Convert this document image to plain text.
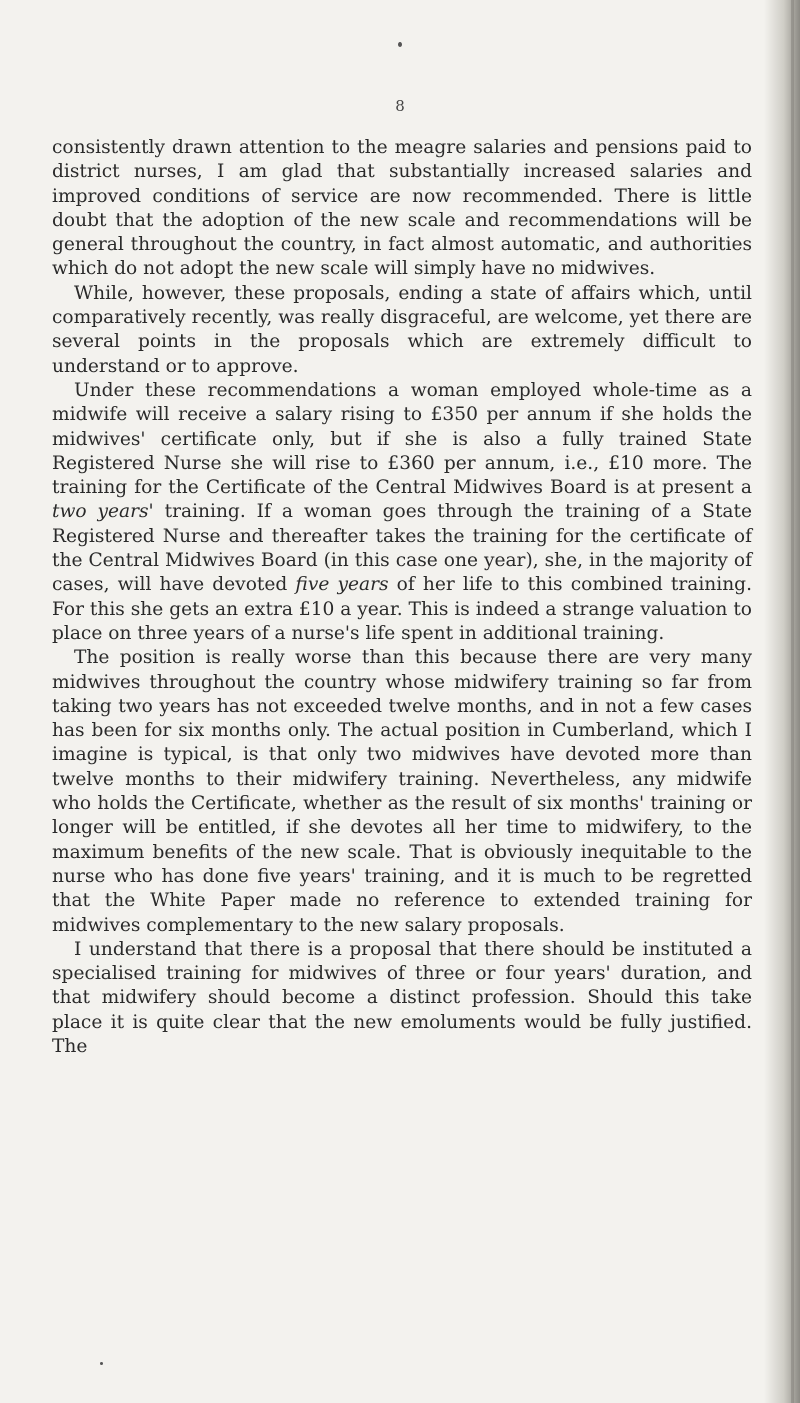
8

consistently drawn attention to the meagre salaries and pensions paid to district nurses, I am glad that substantially increased salaries and improved conditions of service are now recommended. There is little doubt that the adoption of the new scale and recommendations will be general throughout the country, in fact almost automatic, and authorities which do not adopt the new scale will simply have no midwives.

While, however, these proposals, ending a state of affairs which, until comparatively recently, was really disgraceful, are welcome, yet there are several points in the proposals which are extremely difficult to understand or to approve.

Under these recommendations a woman employed whole-time as a midwife will receive a salary rising to £350 per annum if she holds the midwives' certificate only, but if she is also a fully trained State Registered Nurse she will rise to £360 per annum, i.e., £10 more. The training for the Certificate of the Central Midwives Board is at present a two years' training. If a woman goes through the training of a State Registered Nurse and thereafter takes the training for the certificate of the Central Midwives Board (in this case one year), she, in the majority of cases, will have devoted five years of her life to this combined training. For this she gets an extra £10 a year. This is indeed a strange valuation to place on three years of a nurse's life spent in additional training.

The position is really worse than this because there are very many midwives throughout the country whose midwifery training so far from taking two years has not exceeded twelve months, and in not a few cases has been for six months only. The actual position in Cumberland, which I imagine is typical, is that only two midwives have devoted more than twelve months to their midwifery training. Nevertheless, any midwife who holds the Certificate, whether as the result of six months' training or longer will be entitled, if she devotes all her time to midwifery, to the maximum benefits of the new scale. That is obviously inequitable to the nurse who has done five years' training, and it is much to be regretted that the White Paper made no reference to extended training for midwives complementary to the new salary proposals.

I understand that there is a proposal that there should be instituted a specialised training for midwives of three or four years' duration, and that midwifery should become a distinct profession. Should this take place it is quite clear that the new emoluments would be fully justified. The
